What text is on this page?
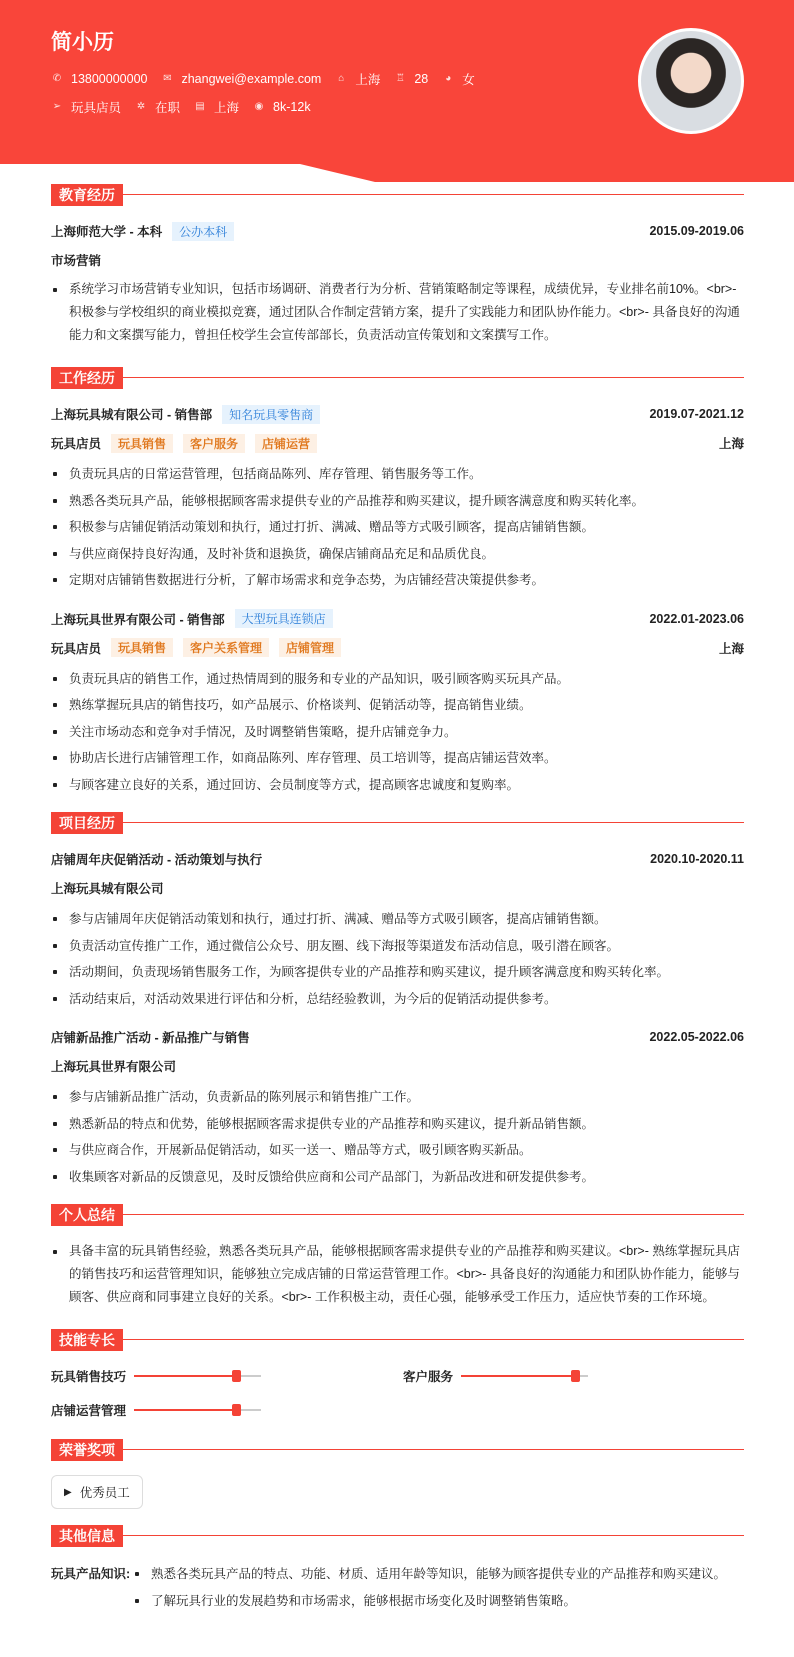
简小历
✆ 13800000000 ✉ zhangwei@example.com ⌂ 上海 ♖ 28 ◕ 女
➢ 玩具店员 ✲ 在职 ▤ 上海 ◉ 8k-12k
教育经历
上海师范大学 - 本科	公办本科	2015.09-2019.06
市场营销
系统学习市场营销专业知识，包括市场调研、消费者行为分析、营销策略制定等课程，成绩优异，专业排名前10%。<br>- 积极参与学校组织的商业模拟竞赛，通过团队合作制定营销方案，提升了实践能力和团队协作能力。<br>- 具备良好的沟通能力和文案撰写能力，曾担任校学生会宣传部部长，负责活动宣传策划和文案撰写工作。
工作经历
上海玩具城有限公司 - 销售部	知名玩具零售商	2019.07-2021.12
玩具店员	玩具销售	客户服务	店铺运营	上海
负责玩具店的日常运营管理，包括商品陈列、库存管理、销售服务等工作。
熟悉各类玩具产品，能够根据顾客需求提供专业的产品推荐和购买建议，提升顾客满意度和购买转化率。
积极参与店铺促销活动策划和执行，通过打折、满减、赠品等方式吸引顾客，提高店铺销售额。
与供应商保持良好沟通，及时补货和退换货，确保店铺商品充足和品质优良。
定期对店铺销售数据进行分析，了解市场需求和竞争态势，为店铺经营决策提供参考。
上海玩具世界有限公司 - 销售部	大型玩具连锁店	2022.01-2023.06
玩具店员	玩具销售	客户关系管理	店铺管理	上海
负责玩具店的销售工作，通过热情周到的服务和专业的产品知识，吸引顾客购买玩具产品。
熟练掌握玩具店的销售技巧，如产品展示、价格谈判、促销活动等，提高销售业绩。
关注市场动态和竞争对手情况，及时调整销售策略，提升店铺竞争力。
协助店长进行店铺管理工作，如商品陈列、库存管理、员工培训等，提高店铺运营效率。
与顾客建立良好的关系，通过回访、会员制度等方式，提高顾客忠诚度和复购率。
项目经历
店铺周年庆促销活动 - 活动策划与执行	2020.10-2020.11
上海玩具城有限公司
参与店铺周年庆促销活动策划和执行，通过打折、满减、赠品等方式吸引顾客，提高店铺销售额。
负责活动宣传推广工作，通过微信公众号、朋友圈、线下海报等渠道发布活动信息，吸引潜在顾客。
活动期间，负责现场销售服务工作，为顾客提供专业的产品推荐和购买建议，提升顾客满意度和购买转化率。
活动结束后，对活动效果进行评估和分析，总结经验教训，为今后的促销活动提供参考。
店铺新品推广活动 - 新品推广与销售	2022.05-2022.06
上海玩具世界有限公司
参与店铺新品推广活动，负责新品的陈列展示和销售推广工作。
熟悉新品的特点和优势，能够根据顾客需求提供专业的产品推荐和购买建议，提升新品销售额。
与供应商合作，开展新品促销活动，如买一送一、赠品等方式，吸引顾客购买新品。
收集顾客对新品的反馈意见，及时反馈给供应商和公司产品部门，为新品改进和研发提供参考。
个人总结
具备丰富的玩具销售经验，熟悉各类玩具产品，能够根据顾客需求提供专业的产品推荐和购买建议。<br>- 熟练掌握玩具店的销售技巧和运营管理知识，能够独立完成店铺的日常运营管理工作。<br>- 具备良好的沟通能力和团队协作能力，能够与顾客、供应商和同事建立良好的关系。<br>- 工作积极主动，责任心强，能够承受工作压力，适应快节奏的工作环境。
技能专长
玩具销售技巧	客户服务
店铺运营管理
荣誉奖项
▶ 优秀员工
其他信息
玩具产品知识:	熟悉各类玩具产品的特点、功能、材质、适用年龄等知识，能够为顾客提供专业的产品推荐和购买建议。
了解玩具行业的发展趋势和市场需求，能够根据市场变化及时调整销售策略。
